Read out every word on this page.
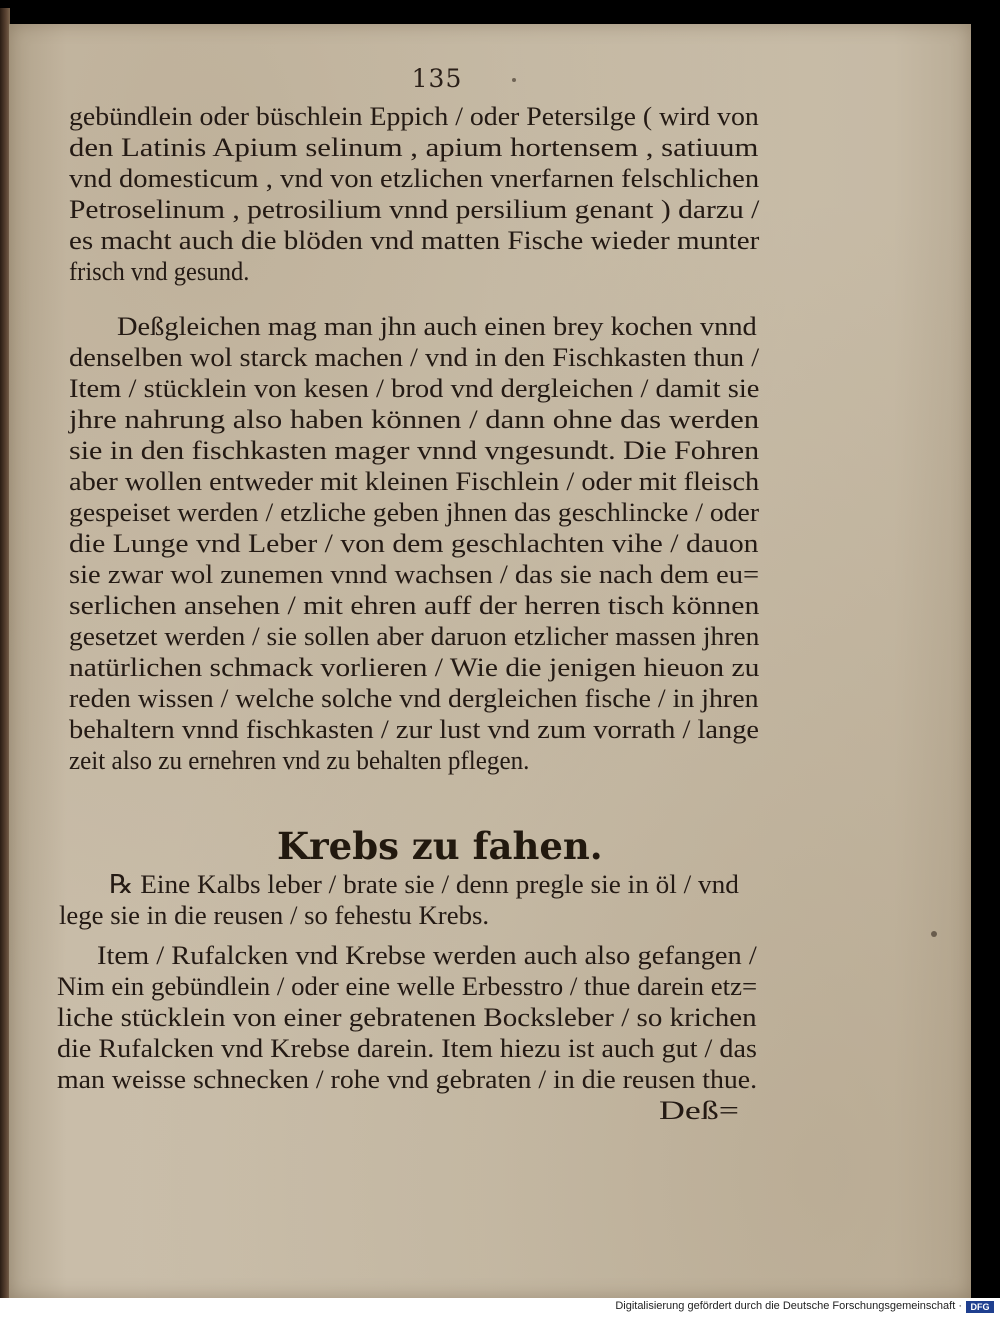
135
gebündlein oder büschlein Eppich / oder Petersilge ( wird von
den Latinis Apium selinum , apium hortensem , satiuum
vnd domesticum , vnd von etzlichen vnerfarnen felschlichen
Petroselinum , petrosilium vnnd persilium genant ) darzu /
es macht auch die blöden vnd matten Fische wieder munter
frisch vnd gesund.
Deßgleichen mag man jhn auch einen brey kochen vnnd
denselben wol starck machen / vnd in den Fischkasten thun /
Item / stücklein von kesen / brod vnd dergleichen / damit sie
jhre nahrung also haben können / dann ohne das werden
sie in den fischkasten mager vnnd vngesundt. Die Fohren
aber wollen entweder mit kleinen Fischlein / oder mit fleisch
gespeiset werden / etzliche geben jhnen das geschlincke / oder
die Lunge vnd Leber / von dem geschlachten vihe / dauon
sie zwar wol zunemen vnnd wachsen / das sie nach dem eu=
serlichen ansehen / mit ehren auff der herren tisch können
gesetzet werden / sie sollen aber daruon etzlicher massen jhren
natürlichen schmack vorlieren / Wie die jenigen hieuon zu
reden wissen / welche solche vnd dergleichen fische / in jhren
behaltern vnnd fischkasten / zur lust vnd zum vorrath / lange
zeit also zu ernehren vnd zu behalten pflegen.
Krebs zu fahen.
℞ Eine Kalbs leber / brate sie / denn pregle sie in öl / vnd
lege sie in die reusen / so fehestu Krebs.
Item / Rufalcken vnd Krebse werden auch also gefangen /
Nim ein gebündlein / oder eine welle Erbesstro / thue darein etz=
liche stücklein von einer gebratenen Bocksleber / so krichen
die Rufalcken vnd Krebse darein. Item hiezu ist auch gut / das
man weisse schnecken / rohe vnd gebraten / in die reusen thue.
Deß=
Digitalisierung gefördert durch die Deutsche Forschungsgemeinschaft · DFG
